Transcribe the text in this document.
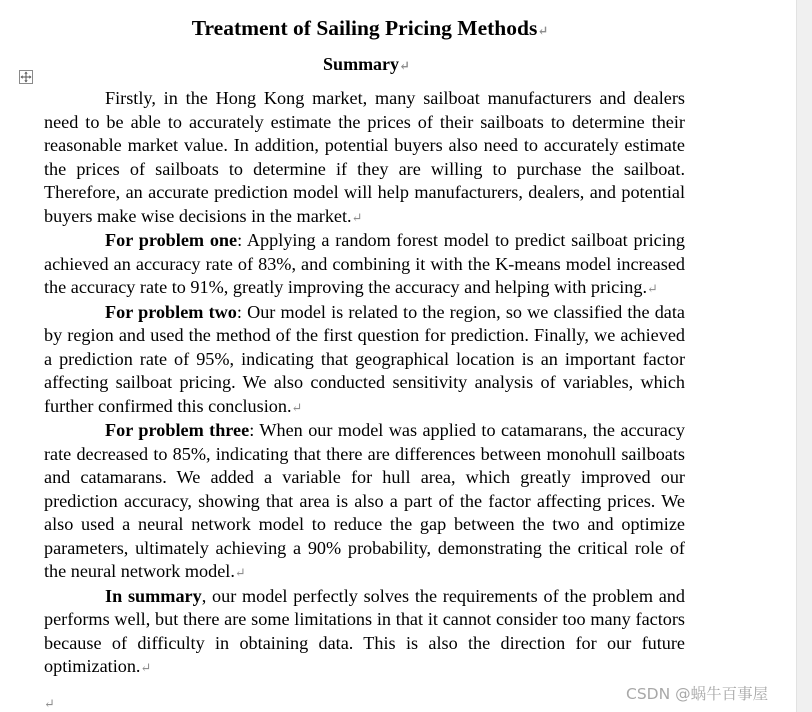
Treatment of Sailing Pricing Methods↵
Summary↵

Firstly, in the Hong Kong market, many sailboat manufacturers and dealers need to be able to accurately estimate the prices of their sailboats to determine their reasonable market value. In addition, potential buyers also need to accurately estimate the prices of sailboats to determine if they are willing to purchase the sailboat. Therefore, an accurate prediction model will help manufacturers, dealers, and potential buyers make wise decisions in the market.↵

For problem one: Applying a random forest model to predict sailboat pricing achieved an accuracy rate of 83%, and combining it with the K-means model increased the accuracy rate to 91%, greatly improving the accuracy and helping with pricing.↵

For problem two: Our model is related to the region, so we classified the data by region and used the method of the first question for prediction. Finally, we achieved a prediction rate of 95%, indicating that geographical location is an important factor affecting sailboat pricing. We also conducted sensitivity analysis of variables, which further confirmed this conclusion.↵

For problem three: When our model was applied to catamarans, the accuracy rate decreased to 85%, indicating that there are differences between monohull sailboats and catamarans. We added a variable for hull area, which greatly improved our prediction accuracy, showing that area is also a part of the factor affecting prices. We also used a neural network model to reduce the gap between the two and optimize parameters, ultimately achieving a 90% probability, demonstrating the critical role of the neural network model.↵

In summary, our model perfectly solves the requirements of the problem and performs well, but there are some limitations in that it cannot consider too many factors because of difficulty in obtaining data. This is also the direction for our future optimization.↵

↵
CSDN @蜗牛百事屋
